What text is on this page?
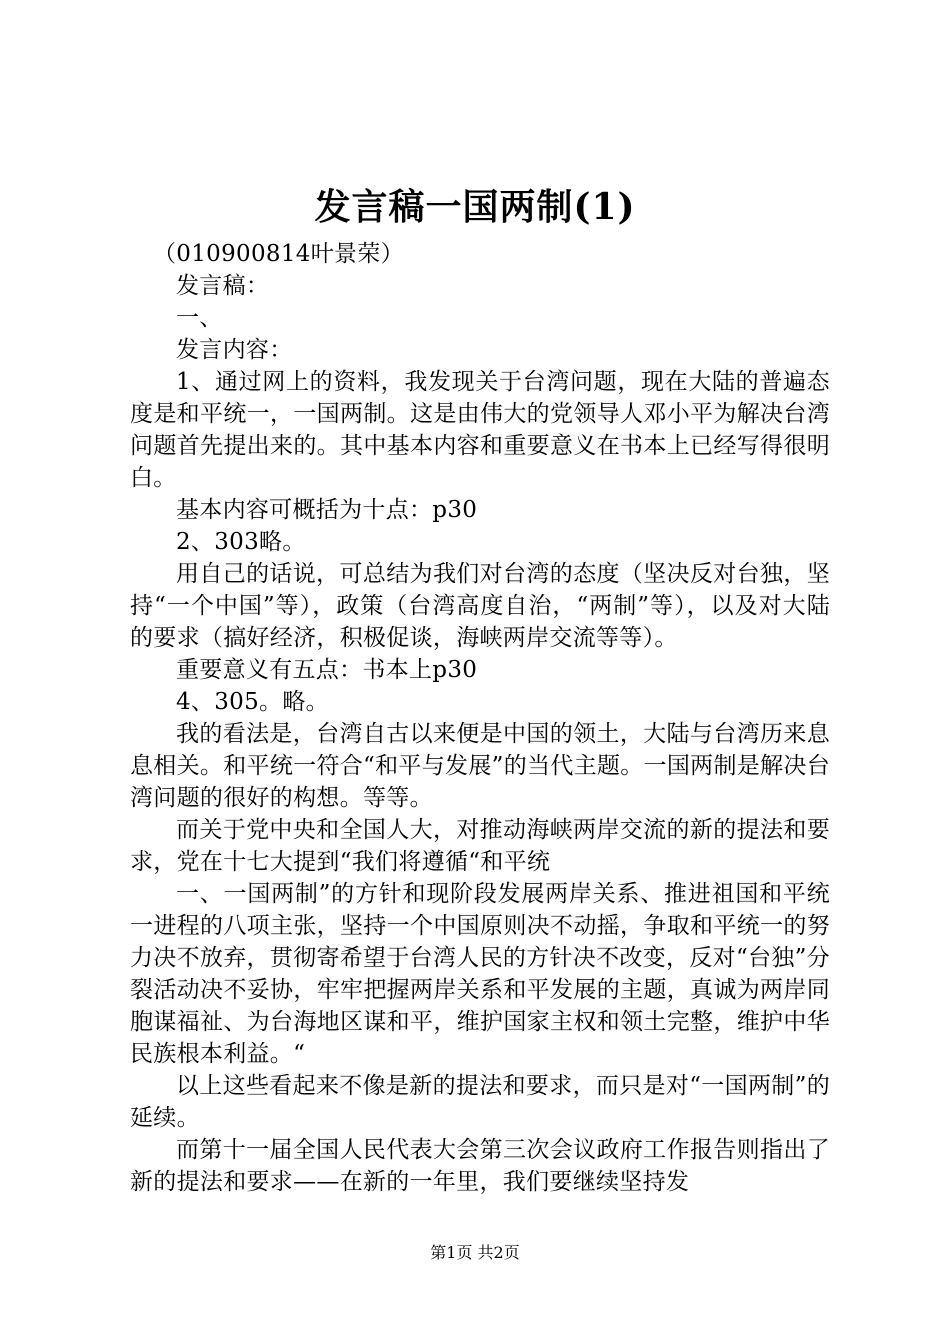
发言稿一国两制(1)

（010900814叶景荣）

发言稿：

一、

发言内容：

1、通过网上的资料，我发现关于台湾问题，现在大陆的普遍态度是和平统一，一国两制。这是由伟大的党领导人邓小平为解决台湾问题首先提出来的。其中基本内容和重要意义在书本上已经写得很明白。

基本内容可概括为十点：p30

2、303略。

用自己的话说，可总结为我们对台湾的态度（坚决反对台独，坚持“一个中国”等），政策（台湾高度自治，“两制”等），以及对大陆的要求（搞好经济，积极促谈，海峡两岸交流等等）。

重要意义有五点：书本上p30

4、305。略。

我的看法是，台湾自古以来便是中国的领土，大陆与台湾历来息息相关。和平统一符合“和平与发展”的当代主题。一国两制是解决台湾问题的很好的构想。等等。

而关于党中央和全国人大，对推动海峡两岸交流的新的提法和要求，党在十七大提到“我们将遵循“和平统

一、一国两制”的方针和现阶段发展两岸关系、推进祖国和平统一进程的八项主张，坚持一个中国原则决不动摇，争取和平统一的努力决不放弃，贯彻寄希望于台湾人民的方针决不改变，反对“台独”分裂活动决不妥协，牢牢把握两岸关系和平发展的主题，真诚为两岸同胞谋福祉、为台海地区谋和平，维护国家主权和领土完整，维护中华民族根本利益。“

以上这些看起来不像是新的提法和要求，而只是对“一国两制”的延续。

而第十一届全国人民代表大会第三次会议政府工作报告则指出了新的提法和要求——在新的一年里，我们要继续坚持发

第1页 共2页
